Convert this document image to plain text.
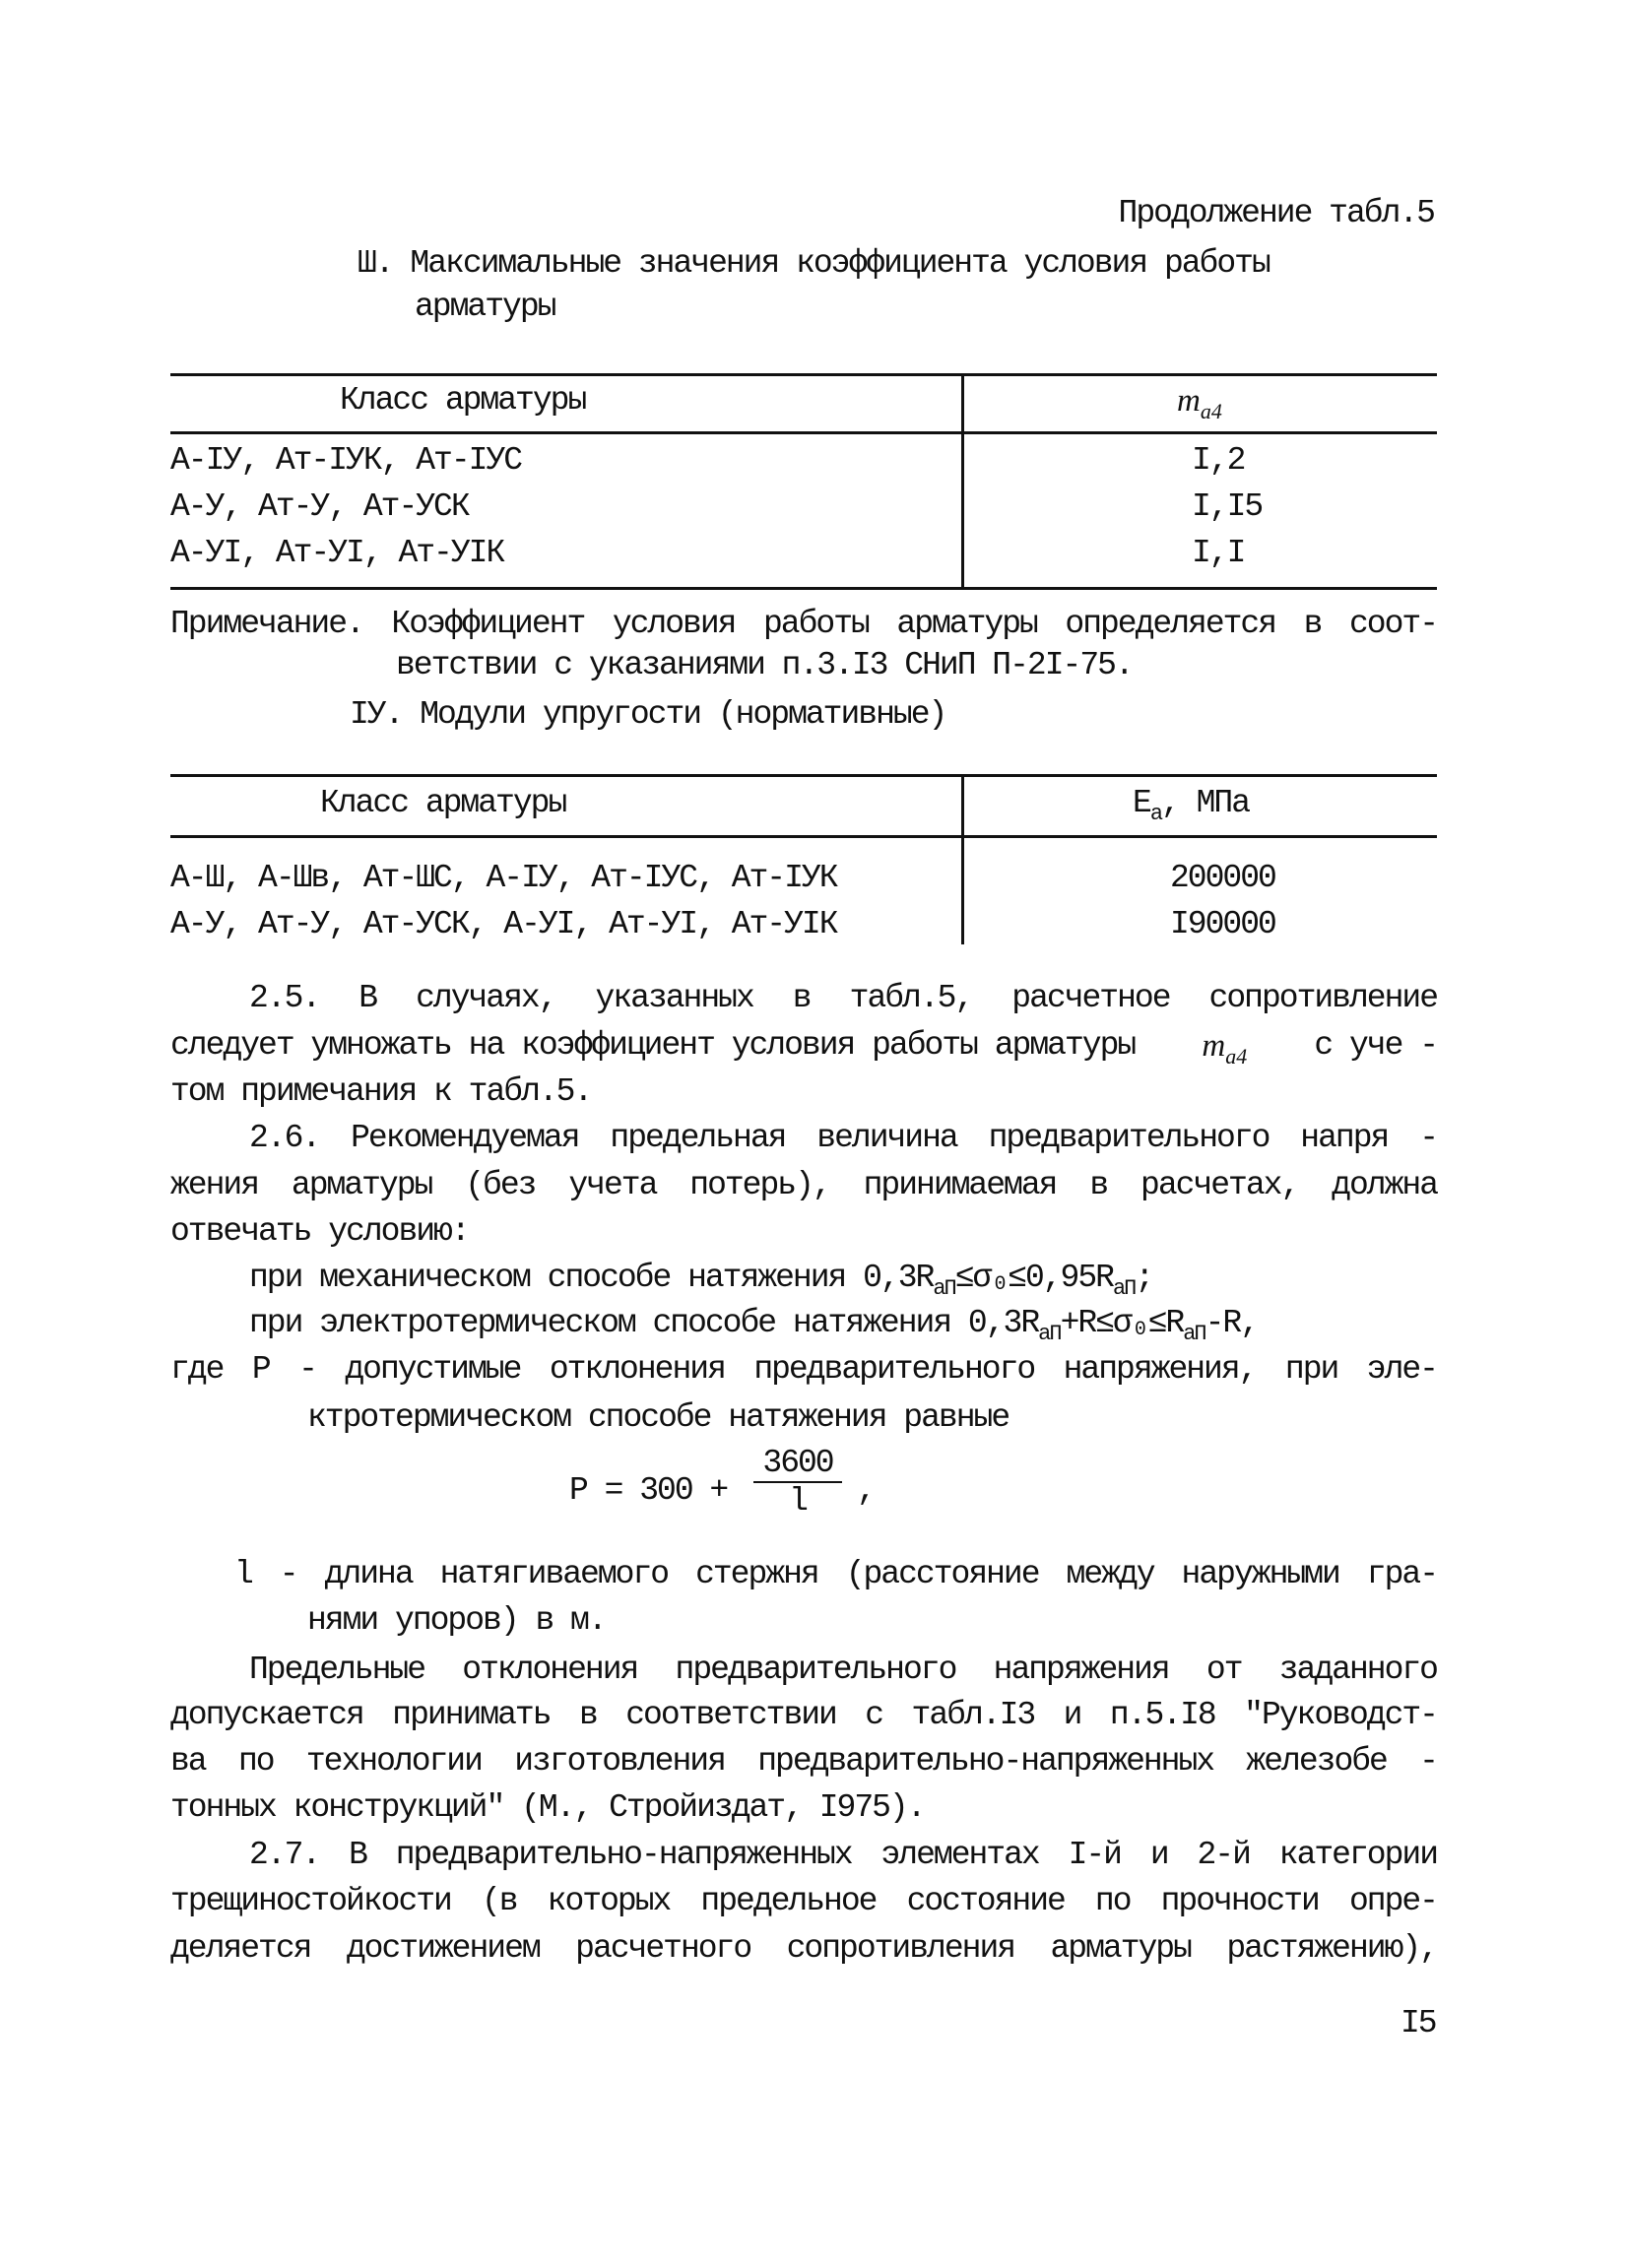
Продолжение табл.5
Ш. Максимальные значения коэффициента условия работы
арматуры
Класс арматуры	$m_{a4}$
А-IУ, Ат-IУК, Ат-IУС	I,2
А-У, Ат-У, Ат-УСК	I,I5
А-УI, Ат-УI, Ат-УIК	I,I
Примечание. Коэффициент условия работы арматуры определяется в соот-
ветствии с указаниями п.3.I3 СНиП П-2I-75.
IУ. Модули упругости (нормативные)
Класс арматуры	$E_a$, МПа
А-Ш, А-Шв, Ат-ШС, А-IУ, Ат-IУС, Ат-IУК	200000
А-У, Ат-У, Ат-УСК, А-УI, Ат-УI, Ат-УIК	I90000
2.5. В случаях, указанных в табл.5, расчетное сопротивление
следует умножать на коэффициент условия работы арматуры $m_{a4}$ с уче -
том примечания к табл.5.
2.6. Рекомендуемая предельная величина предварительного напря -
жения арматуры (без учета потерь), принимаемая в расчетах, должна
отвечать условию:
при механическом способе натяжения $0,3R_{аП}\le\sigma_0\le 0,95R_{аП}$;
при электротермическом способе натяжения $0,3R_{аП}+R\le\sigma_0\le R_{аП}-R$,
где Р - допустимые отклонения предварительного напряжения, при эле-
ктротермическом способе натяжения равные
Р = 300 +
3600
l	,
l - длина натягиваемого стержня (расстояние между наружными гра-
нями упоров) в м.
Предельные отклонения предварительного напряжения от заданного
допускается принимать в соответствии с табл.I3 и п.5.I8 "Руководст-
ва по технологии изготовления предварительно-напряженных железобе -
тонных конструкций" (М., Стройиздат, I975).
2.7. В предварительно-напряженных элементах I-й и 2-й категории
трещиностойкости (в которых предельное состояние по прочности опре-
деляется достижением расчетного сопротивления арматуры растяжению),
I5
